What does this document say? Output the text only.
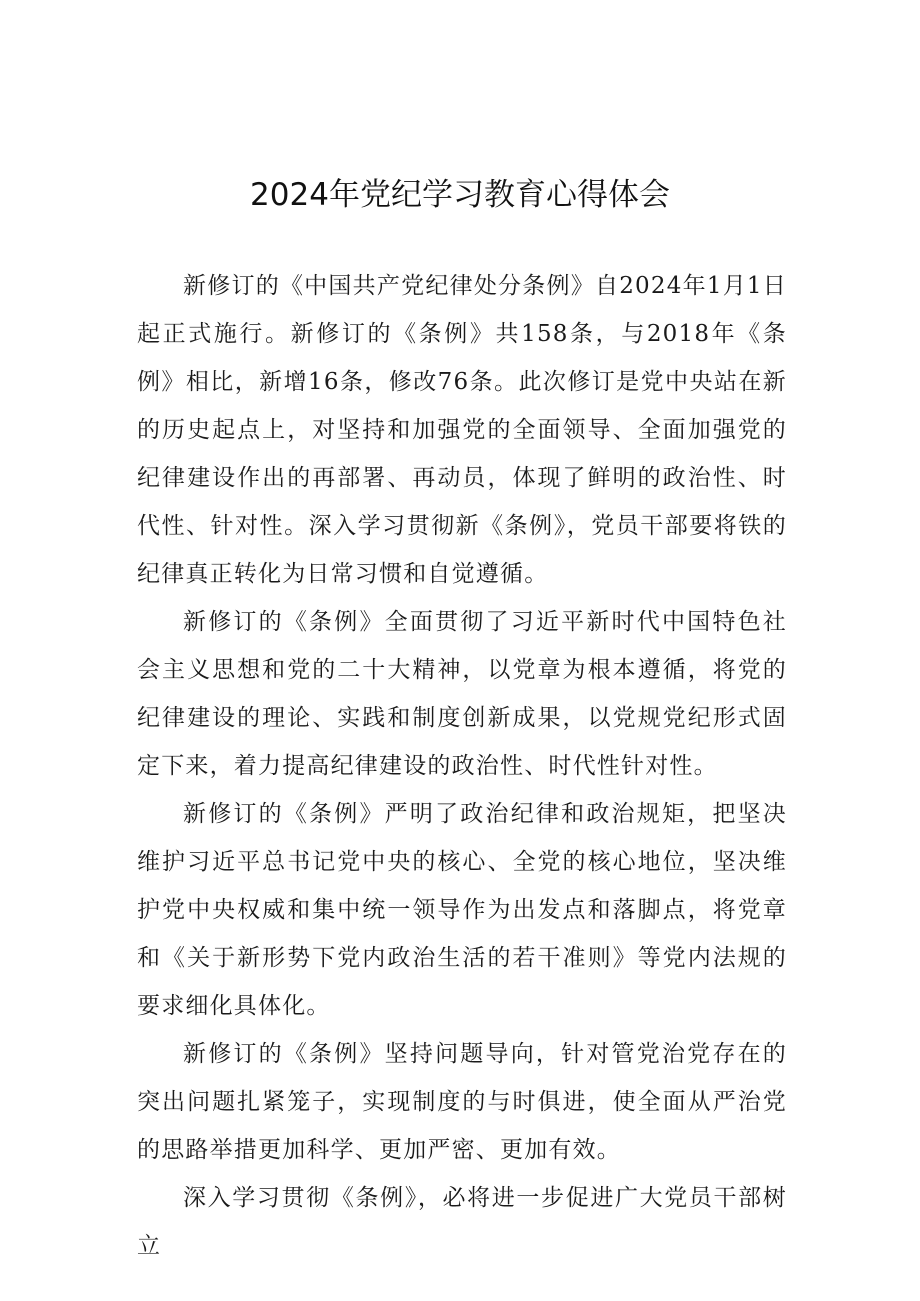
2024年党纪学习教育心得体会

新修订的《中国共产党纪律处分条例》自2024年1月1日起正式施行。新修订的《条例》共158条，与2018年《条例》相比，新增16条，修改76条。此次修订是党中央站在新的历史起点上，对坚持和加强党的全面领导、全面加强党的纪律建设作出的再部署、再动员，体现了鲜明的政治性、时代性、针对性。深入学习贯彻新《条例》，党员干部要将铁的纪律真正转化为日常习惯和自觉遵循。

新修订的《条例》全面贯彻了习近平新时代中国特色社会主义思想和党的二十大精神，以党章为根本遵循，将党的纪律建设的理论、实践和制度创新成果，以党规党纪形式固定下来，着力提高纪律建设的政治性、时代性针对性。

新修订的《条例》严明了政治纪律和政治规矩，把坚决维护习近平总书记党中央的核心、全党的核心地位，坚决维护党中央权威和集中统一领导作为出发点和落脚点，将党章和《关于新形势下党内政治生活的若干准则》等党内法规的要求细化具体化。

新修订的《条例》坚持问题导向，针对管党治党存在的突出问题扎紧笼子，实现制度的与时俱进，使全面从严治党的思路举措更加科学、更加严密、更加有效。

深入学习贯彻《条例》，必将进一步促进广大党员干部树立
